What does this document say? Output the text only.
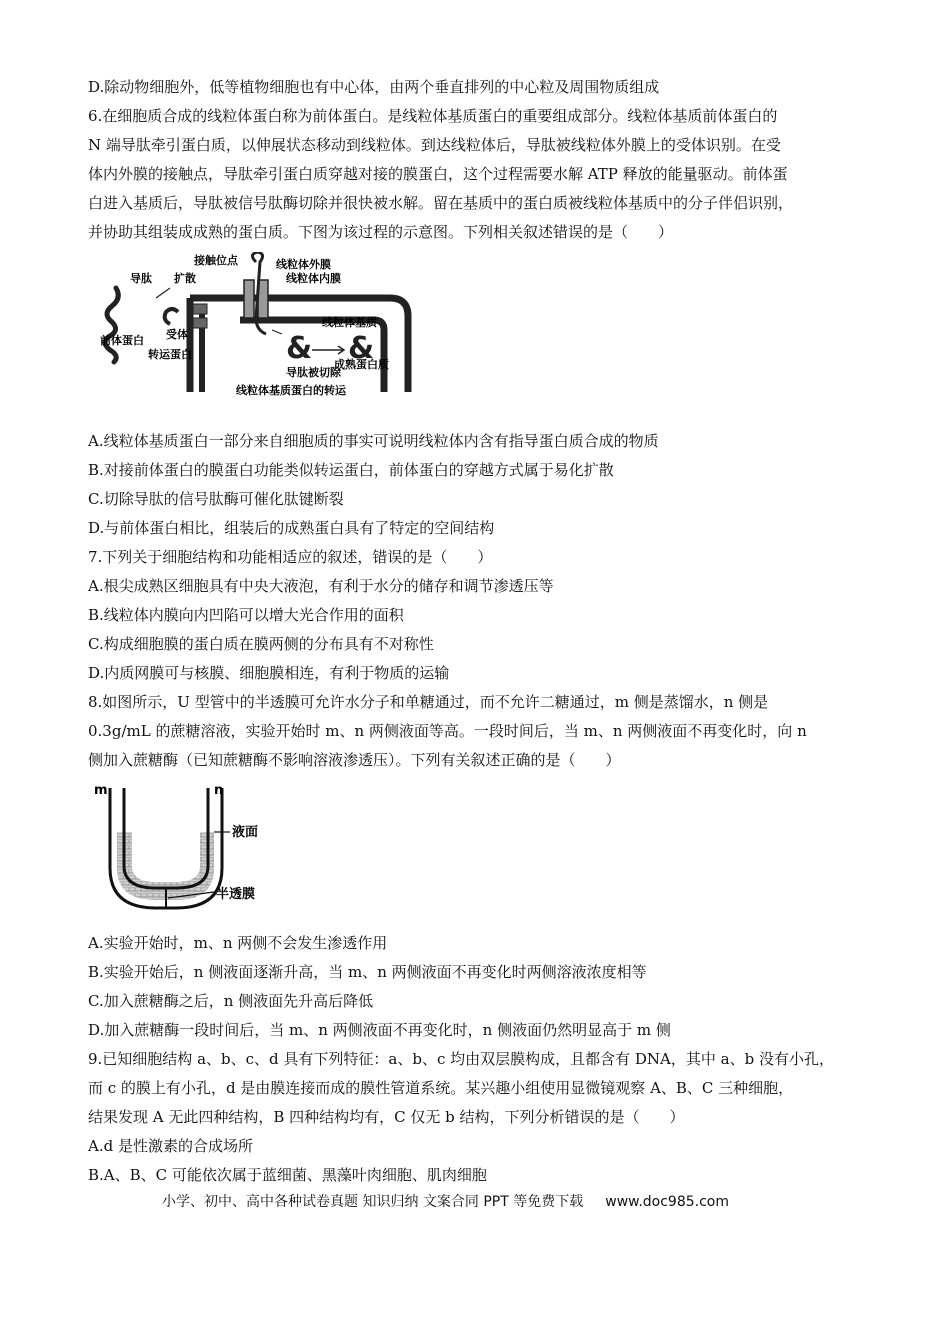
D.除动物细胞外，低等植物细胞也有中心体，由两个垂直排列的中心粒及周围物质组成
6.在细胞质合成的线粒体蛋白称为前体蛋白。是线粒体基质蛋白的重要组成部分。线粒体基质前体蛋白的
N 端导肽牵引蛋白质，以伸展状态移动到线粒体。到达线粒体后，导肽被线粒体外膜上的受体识别。在受
体内外膜的接触点，导肽牵引蛋白质穿越对接的膜蛋白，这个过程需要水解 ATP 释放的能量驱动。前体蛋
白进入基质后，导肽被信号肽酶切除并很快被水解。留在基质中的蛋白质被线粒体基质中的分子伴侣识别，
并协助其组装成成熟的蛋白质。下图为该过程的示意图。下列相关叙述错误的是（　　）
& &
导肽 扩散
接触位点	线粒体外膜
线粒体内膜
前体蛋白 受体
转运蛋白
线粒体基质
成熟蛋白质
导肽被切除
线粒体基质蛋白的转运
A.线粒体基质蛋白一部分来自细胞质的事实可说明线粒体内含有指导蛋白质合成的物质
B.对接前体蛋白的膜蛋白功能类似转运蛋白，前体蛋白的穿越方式属于易化扩散
C.切除导肽的信号肽酶可催化肽键断裂
D.与前体蛋白相比，组装后的成熟蛋白具有了特定的空间结构
7.下列关于细胞结构和功能相适应的叙述，错误的是（　　）
A.根尖成熟区细胞具有中央大液泡，有利于水分的储存和调节渗透压等
B.线粒体内膜向内凹陷可以增大光合作用的面积
C.构成细胞膜的蛋白质在膜两侧的分布具有不对称性
D.内质网膜可与核膜、细胞膜相连，有利于物质的运输
8.如图所示，U 型管中的半透膜可允许水分子和单糖通过，而不允许二糖通过，m 侧是蒸馏水，n 侧是
0.3g/mL 的蔗糖溶液，实验开始时 m、n 两侧液面等高。一段时间后，当 m、n 两侧液面不再变化时，向 n
侧加入蔗糖酶（已知蔗糖酶不影响溶液渗透压）。下列有关叙述正确的是（　　）
m	n
液面
半透膜
A.实验开始时，m、n 两侧不会发生渗透作用
B.实验开始后，n 侧液面逐渐升高，当 m、n 两侧液面不再变化时两侧溶液浓度相等
C.加入蔗糖酶之后，n 侧液面先升高后降低
D.加入蔗糖酶一段时间后，当 m、n 两侧液面不再变化时，n 侧液面仍然明显高于 m 侧
9.已知细胞结构 a、b、c、d 具有下列特征：a、b、c 均由双层膜构成，且都含有 DNA，其中 a、b 没有小孔，
而 c 的膜上有小孔，d 是由膜连接而成的膜性管道系统。某兴趣小组使用显微镜观察 A、B、C 三种细胞，
结果发现 A 无此四种结构，B 四种结构均有，C 仅无 b 结构，下列分析错误的是（　　）
A.d 是性激素的合成场所
B.A、B、C 可能依次属于蓝细菌、黑藻叶肉细胞、肌肉细胞
小学、初中、高中各种试卷真题 知识归纳 文案合同 PPT 等免费下载 www.doc985.com
